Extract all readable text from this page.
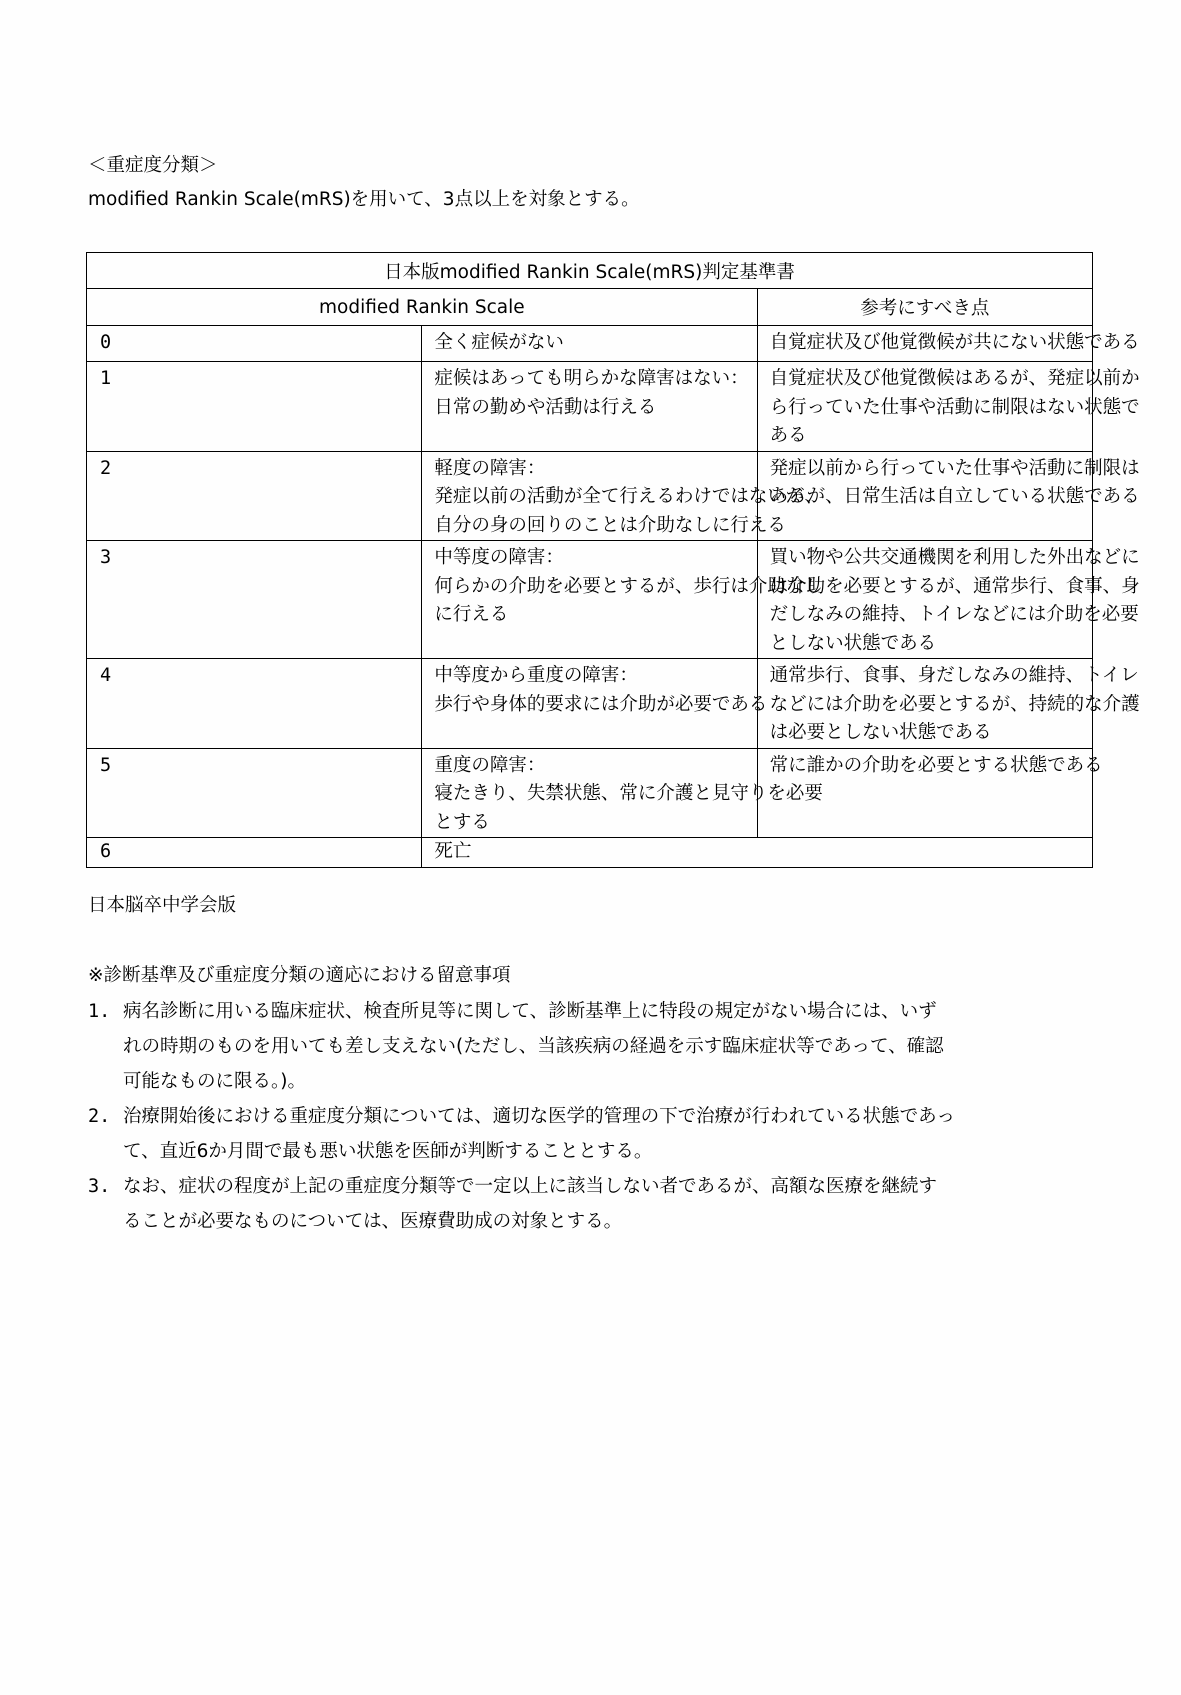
＜重症度分類＞
modified Rankin Scale(mRS)を用いて、3点以上を対象とする。
日本版modified Rankin Scale(mRS)判定基準書		
modified Rankin Scale		参考にすべき点

0	全く症候がない	自覚症状及び他覚徴候が共にない状態である

1	症候はあっても明らかな障害はない：
日常の勤めや活動は行える	自覚症状及び他覚徴候はあるが、発症以前か
ら行っていた仕事や活動に制限はない状態で
ある

2	軽度の障害：
発症以前の活動が全て行えるわけではないが、
自分の身の回りのことは介助なしに行える	発症以前から行っていた仕事や活動に制限は
あるが、日常生活は自立している状態である

3	中等度の障害：
何らかの介助を必要とするが、歩行は介助なし
に行える	買い物や公共交通機関を利用した外出などに
は介助を必要とするが、通常歩行、食事、身
だしなみの維持、トイレなどには介助を必要
としない状態である

4	中等度から重度の障害：
歩行や身体的要求には介助が必要である	通常歩行、食事、身だしなみの維持、トイレ
などには介助を必要とするが、持続的な介護
は必要としない状態である

5	重度の障害：
寝たきり、失禁状態、常に介護と見守りを必要
とする	常に誰かの介助を必要とする状態である

6	死亡	
日本脳卒中学会版
※診断基準及び重症度分類の適応における留意事項
1. 病名診断に用いる臨床症状、検査所見等に関して、診断基準上に特段の規定がない場合には、いず
れの時期のものを用いても差し支えない(ただし、当該疾病の経過を示す臨床症状等であって、確認
可能なものに限る。)。
2. 治療開始後における重症度分類については、適切な医学的管理の下で治療が行われている状態であっ
て、直近6か月間で最も悪い状態を医師が判断することとする。
3. なお、症状の程度が上記の重症度分類等で一定以上に該当しない者であるが、高額な医療を継続す
ることが必要なものについては、医療費助成の対象とする。
